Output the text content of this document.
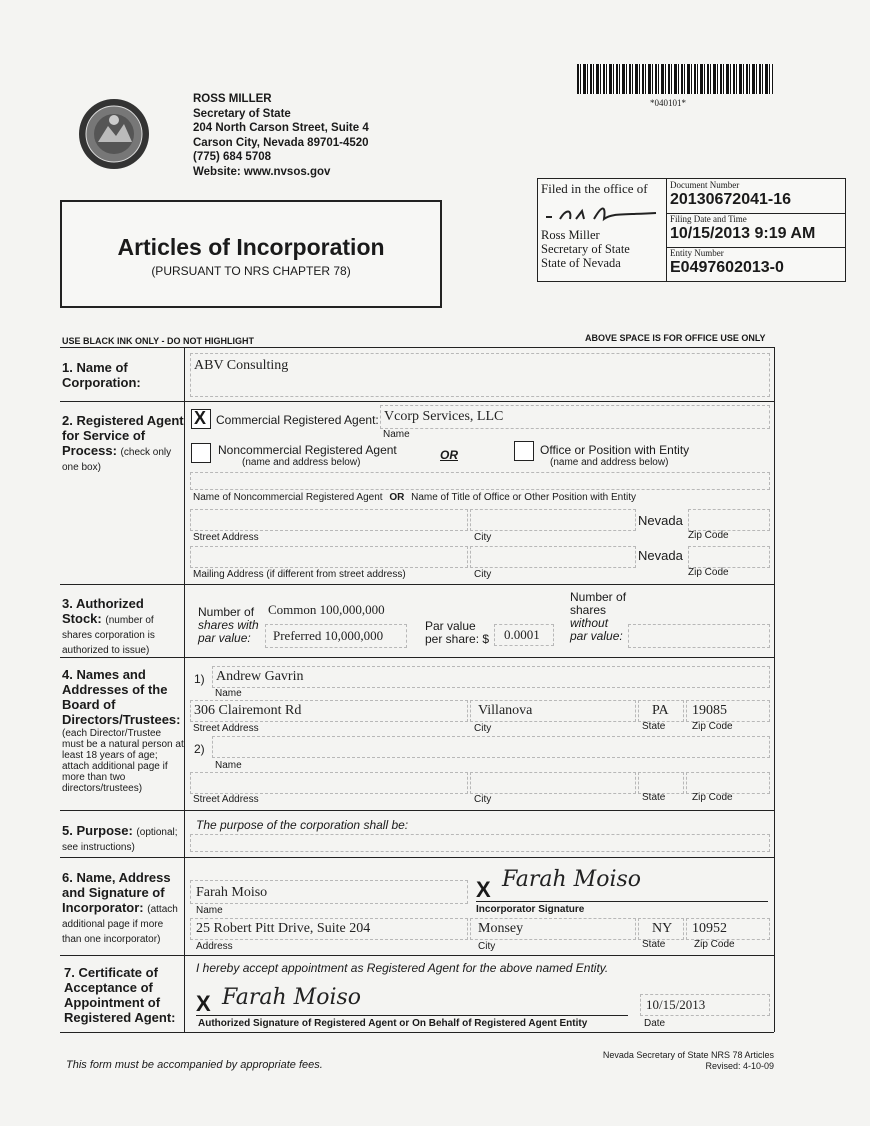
*040101*
ROSS MILLER
Secretary of State
204 North Carson Street, Suite 4
Carson City, Nevada 89701-4520
(775) 684 5708
Website: www.nvsos.gov
Articles of Incorporation
(PURSUANT TO NRS CHAPTER 78)
Filed in the office of
Ross Miller
Secretary of State
State of Nevada
Document Number
20130672041-16
Filing Date and Time
10/15/2013 9:19 AM
Entity Number
E0497602013-0
USE BLACK INK ONLY - DO NOT HIGHLIGHT	ABOVE SPACE IS FOR OFFICE USE ONLY
1. Name of Corporation:
ABV Consulting
2. Registered Agent for Service of Process: (check only one box)
X Commercial Registered Agent: Vcorp Services, LLC
Name
Noncommercial Registered Agent
(name and address below)
OR	Office or Position with Entity
(name and address below)
Name of Noncommercial Registered Agent OR Name of Title of Office or Other Position with Entity
Nevada
Street Address	City	Zip Code
Nevada
Mailing Address (if different from street address)	City	Zip Code
3. Authorized Stock: (number of shares corporation is authorized to issue)
Number of
shares with
par value:
Common 100,000,000
Preferred 10,000,000
Par value
per share: $ 0.0001
Number of
shares
without
par value:
4. Names and Addresses of the Board of Directors/Trustees:
(each Director/Trustee must be a natural person at least 18 years of age; attach additional page if more than two directors/trustees)
1) Andrew Gavrin
Name
306 Clairemont Rd	Villanova	PA 19085
Street Address	City	State	Zip Code
2)
Name
Street Address	City	State	Zip Code
5. Purpose: (optional; see instructions)
The purpose of the corporation shall be:
6. Name, Address and Signature of Incorporator: (attach additional page if more than one incorporator)
Farah Moiso
Name
X Farah Moiso
Incorporator Signature
25 Robert Pitt Drive, Suite 204	Monsey	NY 10952
Address	City	State	Zip Code
7. Certificate of Acceptance of Appointment of Registered Agent:
I hereby accept appointment as Registered Agent for the above named Entity.
X Farah Moiso
Authorized Signature of Registered Agent or On Behalf of Registered Agent Entity
10/15/2013
Date
This form must be accompanied by appropriate fees.
Nevada Secretary of State NRS 78 Articles
Revised: 4-10-09
